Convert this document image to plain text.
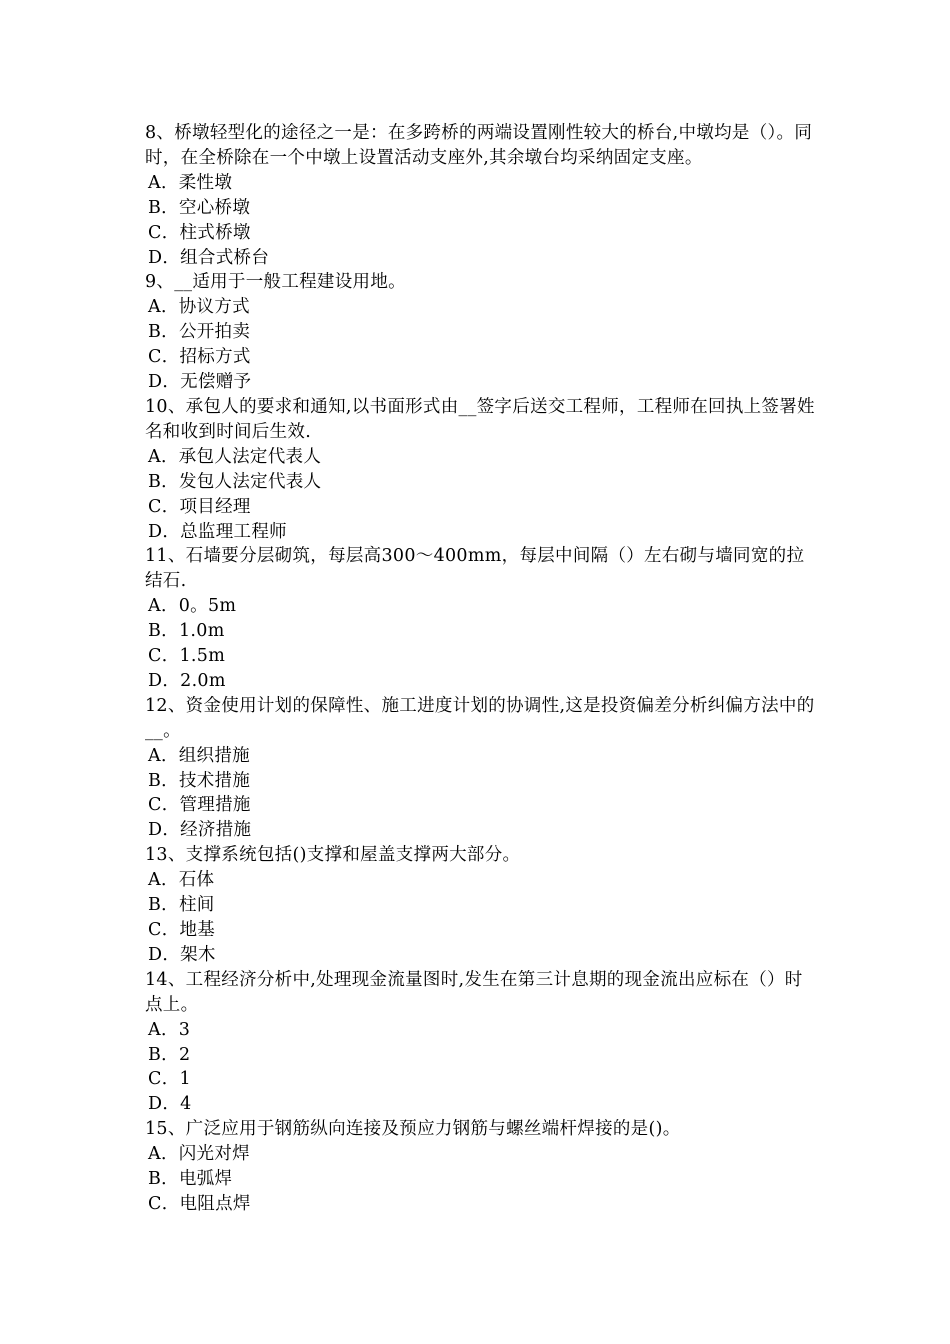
8、桥墩轻型化的途径之一是：在多跨桥的两端设置刚性较大的桥台,中墩均是（）。同时，在全桥除在一个中墩上设置活动支座外,其余墩台均采纳固定支座。

A．柔性墩

B．空心桥墩

C．柱式桥墩

D．组合式桥台

9、__适用于一般工程建设用地。

A．协议方式

B．公开拍卖

C．招标方式

D．无偿赠予

10、承包人的要求和通知,以书面形式由__签字后送交工程师，工程师在回执上签署姓名和收到时间后生效.

A．承包人法定代表人

B．发包人法定代表人

C．项目经理

D．总监理工程师

11、石墙要分层砌筑，每层高300～400mm，每层中间隔（）左右砌与墙同宽的拉结石.

A．0。5m

B．1.0m

C．1.5m

D．2.0m

12、资金使用计划的保障性、施工进度计划的协调性,这是投资偏差分析纠偏方法中的__。

A．组织措施

B．技术措施

C．管理措施

D．经济措施

13、支撑系统包括()支撑和屋盖支撑两大部分。

A．石体

B．柱间

C．地基

D．架木

14、工程经济分析中,处理现金流量图时,发生在第三计息期的现金流出应标在（）时点上。

A．3

B．2

C．1

D．4

15、广泛应用于钢筋纵向连接及预应力钢筋与螺丝端杆焊接的是()。

A．闪光对焊

B．电弧焊

C．电阻点焊
